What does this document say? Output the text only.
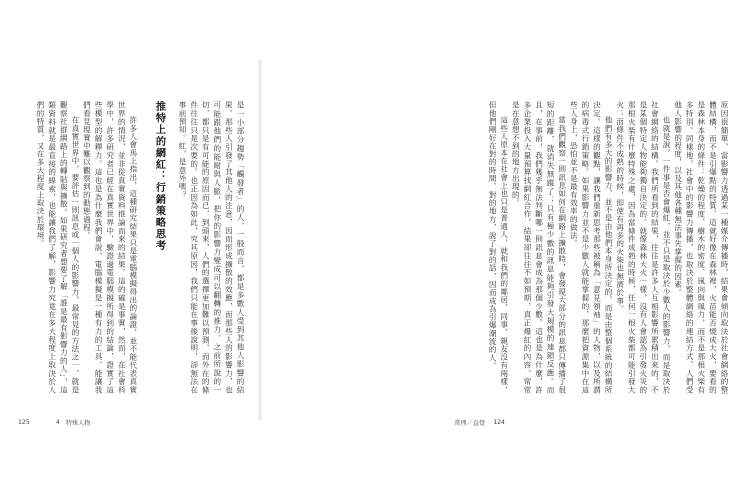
是一小部分趨勢「觸發者」的人，一般而言，都是多數人受到其他人影響的結果。那些人引發了其他人的注意，因而形成擴散的效應，而那些人的影響力，也可能跟他們的能耐與人脈，把你的影響力變成可以翻轉的推力。之前所說的一切，都只是有可能的原因而已，到頭來，人們的選擇更加難以預測，而外在的條件往往只是次要的。也正因為如此，究其原因，我們只能在事後說明，卻無法在事前預知。紅，是意外嗎？

推特上的網紅：行銷策略思考

許多人會馬上指出，這種研究結果只是電腦模擬得出的論證，並不能代表真實世界的情況，並非從真實資料推論而來的結果。這的確是事實，然而，在社會科學中，許多研究者已經在真實世界中，驗證過電腦模擬所得到的結論，證實了這些模型的解釋力。這也是為什麼我們會說，電腦模擬是一種有力的工具，能讓我們看見現實中難以觀察到的動態過程。

在真實世界中，要評估一則訊息或一個人的影響力，最常見的方法之一，就是觀察社群網路上的轉貼與擴散。如果研究者想要了解「誰是最有影響力的人」，這類資料就是最直接的線索，也能讓我們了解，影響力究竟在多大程度上取決於人們的特質，又在多大程度上取決於環境。

125	4 特殊人物

原因很簡單，當影響力透過某一種媒介傳播時，結果會傾向取決於社會網絡的整體結構，而不是引爆點的特質。這就好像在森林裡，火苗能否燒成大火，要看的是森林本身的條件：乾燥的程度、樹木的密度、風向與風力，而不是那根火柴有多特別。同樣地，社會中的影響力傳播，也取決於整體網絡的連結方式、人們受他人影響的程度，以及其他各種無法事先掌握的因素。

也就是說，一件事是否會爆紅，並不只是取決於少數人的影響力，而是取決於社會網絡的結構。我們所看到的結果，往往是許多人互相影響所累積出來的，不是某個特定人物能夠獨自決定的。就像森林大火一樣，沒有人會認為引發火災的那根火柴有什麼特殊之處，因為當條件成熟的時候，任何一根火柴都可能引發大火；而條件不成熟的時候，即使有再多的火柴也無濟於事。

他們有多大的影響力，並不是由他們本身所決定的，而是由整個系統的結構所決定。這樣的觀點，讓我們重新思考那些被稱為「意見領袖」的人物，以及所謂的病毒式行銷策略。如果影響力並不是少數人就能掌握的，那麼把資源集中在這些人身上，恐怕並不是最有效率的做法。

當我們觀察一則訊息如何在網路上擴散時，會發現大部分的訊息都只傳播了很短的距離，就消失無蹤了；只有極少數的訊息能夠引發大規模的連鎖反應。而且，在事前，我們幾乎無法判斷哪一則訊息會成為那個少數。這也是為什麼，許多企業投入大量預算找網紅合作，結果卻往往不如預期，真正爆紅的內容，常常是在意想不到的地方出現的。

這些人原本在社會上也只是普通人，就和我們的鄰居、同事、親友沒有兩樣，但他們剛好在對的時間、對的地方，說了對的話，因而成為引爆潮流的人。

常理／直覺 124
